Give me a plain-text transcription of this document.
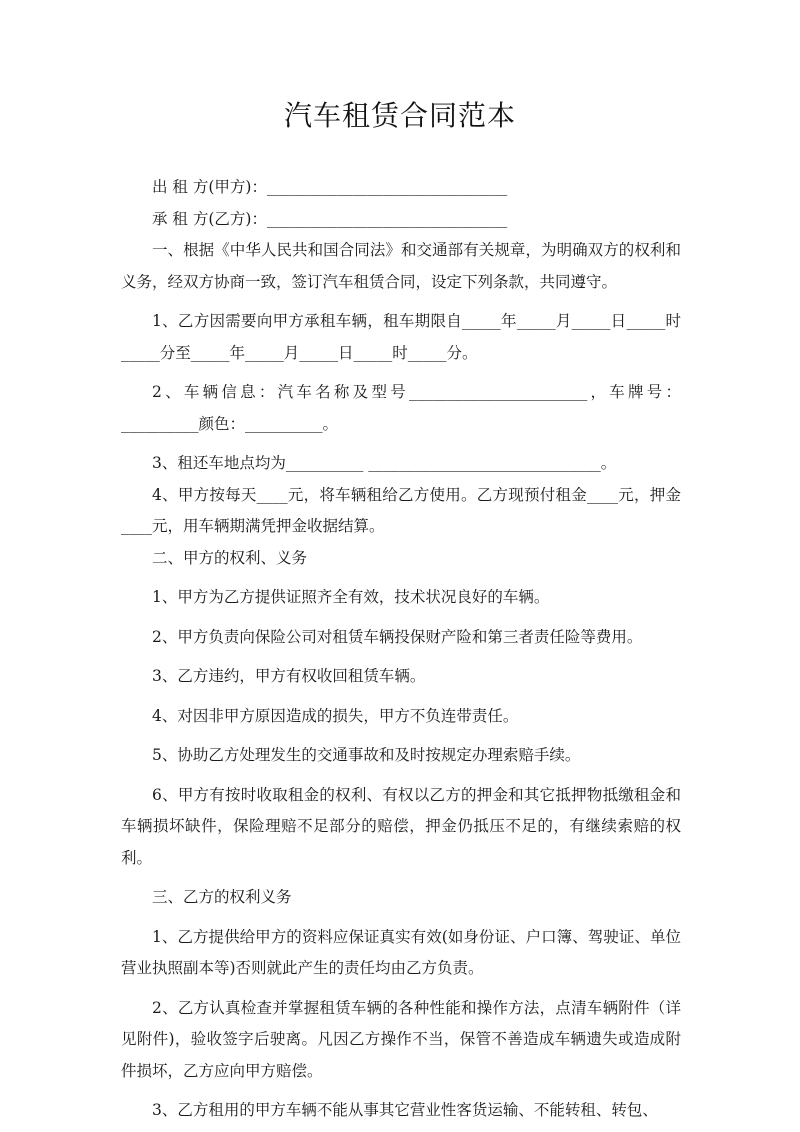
汽车租赁合同范本

出 租 方(甲方)：_______________________________

承 租 方(乙方)：_______________________________

一、根据《中华人民共和国合同法》和交通部有关规章，为明确双方的权利和义务，经双方协商一致，签订汽车租赁合同，设定下列条款，共同遵守。

1、乙方因需要向甲方承租车辆，租车期限自_____年_____月_____日_____时_____分至_____年_____月_____日_____时_____分。

2、车辆信息：汽车名称及型号_______________________，车牌号：__________颜色：__________。

3、租还车地点均为__________ ______________________________。

4、甲方按每天____元，将车辆租给乙方使用。乙方现预付租金____元，押金____元，用车辆期满凭押金收据结算。

二、甲方的权利、义务

1、甲方为乙方提供证照齐全有效，技术状况良好的车辆。

2、甲方负责向保险公司对租赁车辆投保财产险和第三者责任险等费用。

3、乙方违约，甲方有权收回租赁车辆。

4、对因非甲方原因造成的损失，甲方不负连带责任。

5、协助乙方处理发生的交通事故和及时按规定办理索赔手续。

6、甲方有按时收取租金的权利、有权以乙方的押金和其它抵押物抵缴租金和车辆损坏缺件，保险理赔不足部分的赔偿，押金仍抵压不足的，有继续索赔的权利。

三、乙方的权利义务

1、乙方提供给甲方的资料应保证真实有效(如身份证、户口簿、驾驶证、单位营业执照副本等)否则就此产生的责任均由乙方负责。

2、乙方认真检查并掌握租赁车辆的各种性能和操作方法，点清车辆附件（详见附件)，验收签字后驶离。凡因乙方操作不当，保管不善造成车辆遗失或造成附件损坏，乙方应向甲方赔偿。

3、乙方租用的甲方车辆不能从事其它营业性客货运输、不能转租、转包、
